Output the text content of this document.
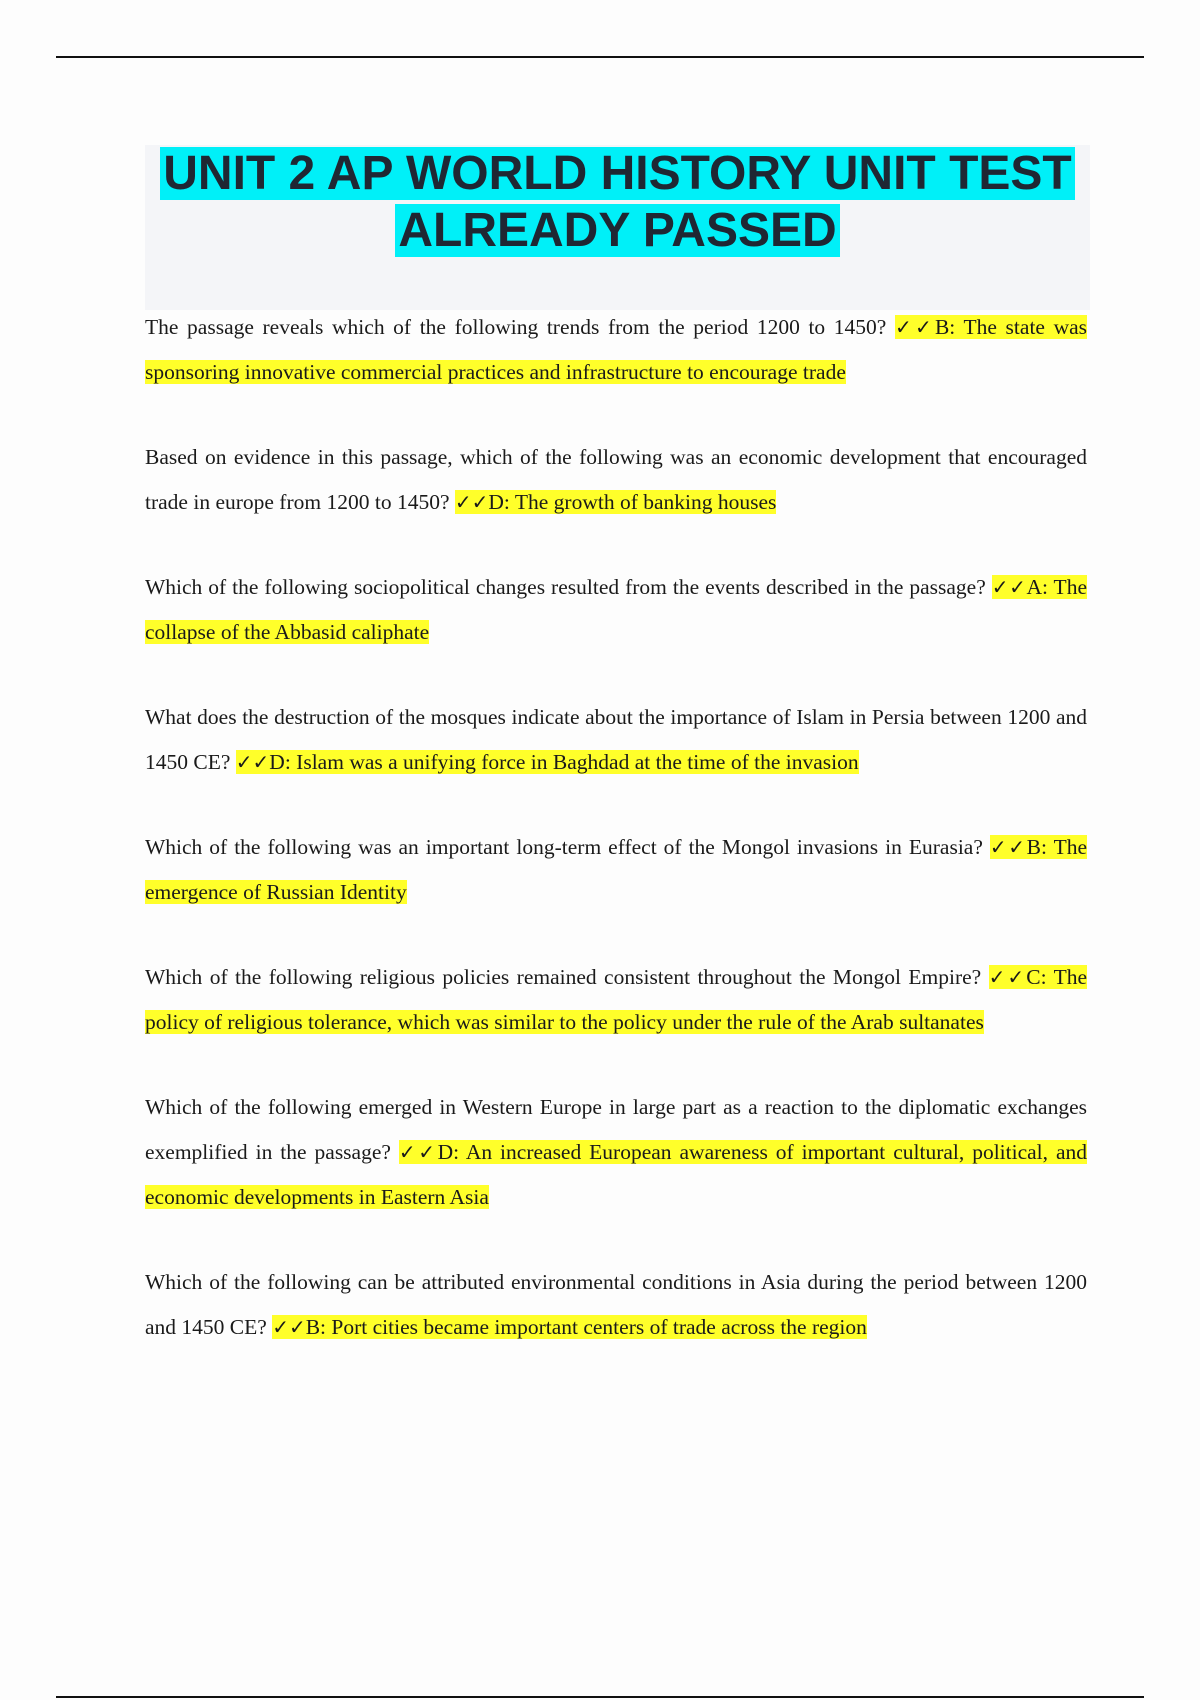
UNIT 2 AP WORLD HISTORY UNIT TEST
ALREADY PASSED

The passage reveals which of the following trends from the period 1200 to 1450? ✓✓B: The state was sponsoring innovative commercial practices and infrastructure to encourage trade

Based on evidence in this passage, which of the following was an economic development that encouraged trade in europe from 1200 to 1450? ✓✓D: The growth of banking houses

Which of the following sociopolitical changes resulted from the events described in the passage? ✓✓A: The collapse of the Abbasid caliphate

What does the destruction of the mosques indicate about the importance of Islam in Persia between 1200 and 1450 CE? ✓✓D: Islam was a unifying force in Baghdad at the time of the invasion

Which of the following was an important long-term effect of the Mongol invasions in Eurasia? ✓✓B: The emergence of Russian Identity

Which of the following religious policies remained consistent throughout the Mongol Empire? ✓✓C: The policy of religious tolerance, which was similar to the policy under the rule of the Arab sultanates

Which of the following emerged in Western Europe in large part as a reaction to the diplomatic exchanges exemplified in the passage? ✓✓D: An increased European awareness of important cultural, political, and economic developments in Eastern Asia

Which of the following can be attributed environmental conditions in Asia during the period between 1200 and 1450 CE? ✓✓B: Port cities became important centers of trade across the region
